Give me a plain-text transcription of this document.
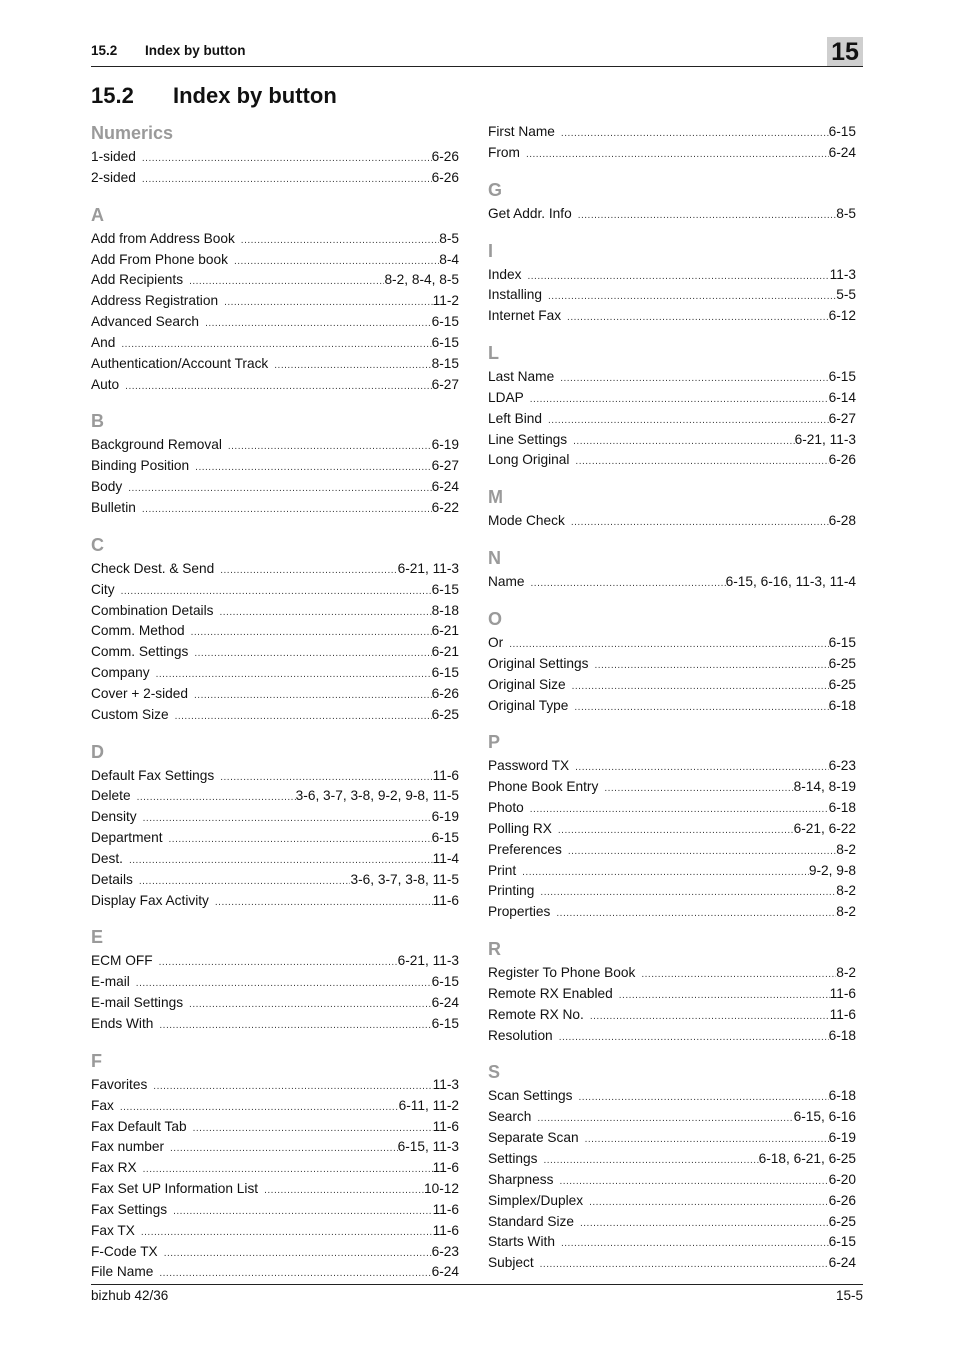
15.2 Index by button	15
15.2 Index by button
Numerics
1-sided .....	6-26
2-sided .....	6-26
A
Add from Address Book .....	8-5
Add From Phone book .....	8-4
Add Recipients .....	8-2, 8-4, 8-5
Address Registration .....	11-2
Advanced Search .....	6-15
And .....	6-15
Authentication/Account Track .....	8-15
Auto .....	6-27
B
Background Removal .....	6-19
Binding Position .....	6-27
Body .....	6-24
Bulletin .....	6-22
C
Check Dest. & Send .....	6-21, 11-3
City .....	6-15
Combination Details .....	8-18
Comm. Method .....	6-21
Comm. Settings .....	6-21
Company .....	6-15
Cover + 2-sided .....	6-26
Custom Size .....	6-25
D
Default Fax Settings .....	11-6
Delete .....	3-6, 3-7, 3-8, 9-2, 9-8, 11-5
Density .....	6-19
Department .....	6-15
Dest. .....	11-4
Details .....	3-6, 3-7, 3-8, 11-5
Display Fax Activity .....	11-6
E
ECM OFF .....	6-21, 11-3
E-mail .....	6-15
E-mail Settings .....	6-24
Ends With .....	6-15
F
Favorites .....	11-3
Fax .....	6-11, 11-2
Fax Default Tab .....	11-6
Fax number .....	6-15, 11-3
Fax RX .....	11-6
Fax Set UP Information List .....	10-12
Fax Settings .....	11-6
Fax TX .....	11-6
F-Code TX .....	6-23
File Name .....	6-24
First Name .....	6-15
From .....	6-24
G
Get Addr. Info .....	8-5
I
Index .....	11-3
Installing .....	5-5
Internet Fax .....	6-12
L
Last Name .....	6-15
LDAP .....	6-14
Left Bind .....	6-27
Line Settings .....	6-21, 11-3
Long Original .....	6-26
M
Mode Check .....	6-28
N
Name .....	6-15, 6-16, 11-3, 11-4
O
Or .....	6-15
Original Settings .....	6-25
Original Size .....	6-25
Original Type .....	6-18
P
Password TX .....	6-23
Phone Book Entry .....	8-14, 8-19
Photo .....	6-18
Polling RX .....	6-21, 6-22
Preferences .....	8-2
Print .....	9-2, 9-8
Printing .....	8-2
Properties .....	8-2
R
Register To Phone Book .....	8-2
Remote RX Enabled .....	11-6
Remote RX No. .....	11-6
Resolution .....	6-18
S
Scan Settings .....	6-18
Search .....	6-15, 6-16
Separate Scan .....	6-19
Settings .....	6-18, 6-21, 6-25
Sharpness .....	6-20
Simplex/Duplex .....	6-26
Standard Size .....	6-25
Starts With .....	6-15
Subject .....	6-24
bizhub 42/36	15-5
